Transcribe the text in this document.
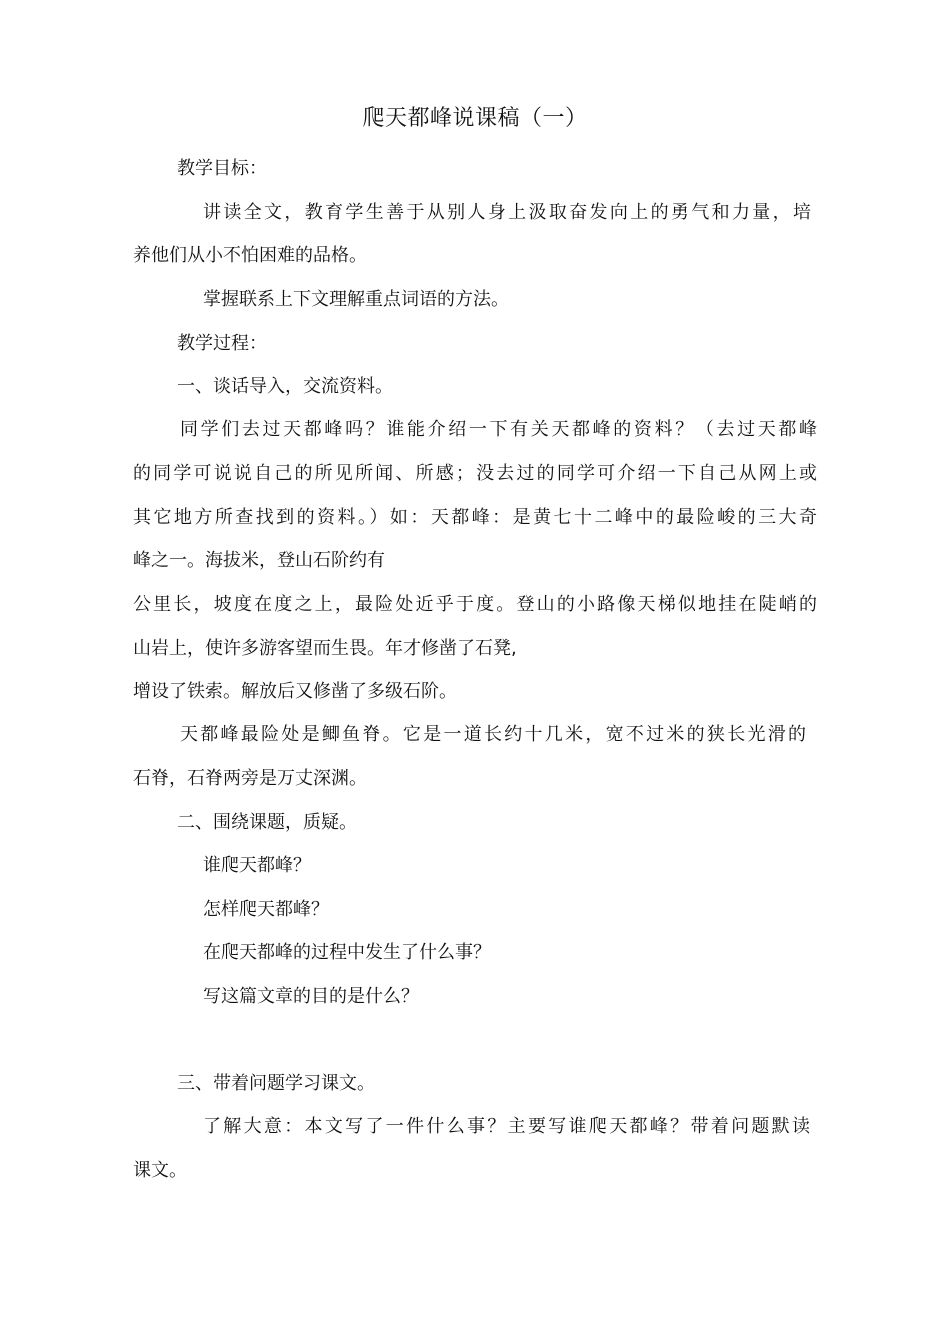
爬天都峰说课稿（一）
教学目标：
讲读全文，教育学生善于从别人身上汲取奋发向上的勇气和力量，培
养他们从小不怕困难的品格。
掌握联系上下文理解重点词语的方法。
教学过程：
一、谈话导入，交流资料。
同学们去过天都峰吗？谁能介绍一下有关天都峰的资料？（去过天都峰
的同学可说说自己的所见所闻、所感；没去过的同学可介绍一下自己从网上或
其它地方所查找到的资料。）如：天都峰：是黄七十二峰中的最险峻的三大奇
峰之一。海拔米，登山石阶约有
公里长，坡度在度之上，最险处近乎于度。登山的小路像天梯似地挂在陡峭的
山岩上，使许多游客望而生畏。年才修凿了石凳,
增设了铁索。解放后又修凿了多级石阶。
天都峰最险处是鲫鱼脊。它是一道长约十几米，宽不过米的狭长光滑的
石脊，石脊两旁是万丈深渊。
二、围绕课题，质疑。
谁爬天都峰？
怎样爬天都峰？
在爬天都峰的过程中发生了什么事？
写这篇文章的目的是什么？
三、带着问题学习课文。
了解大意：本文写了一件什么事？主要写谁爬天都峰？带着问题默读
课文。
